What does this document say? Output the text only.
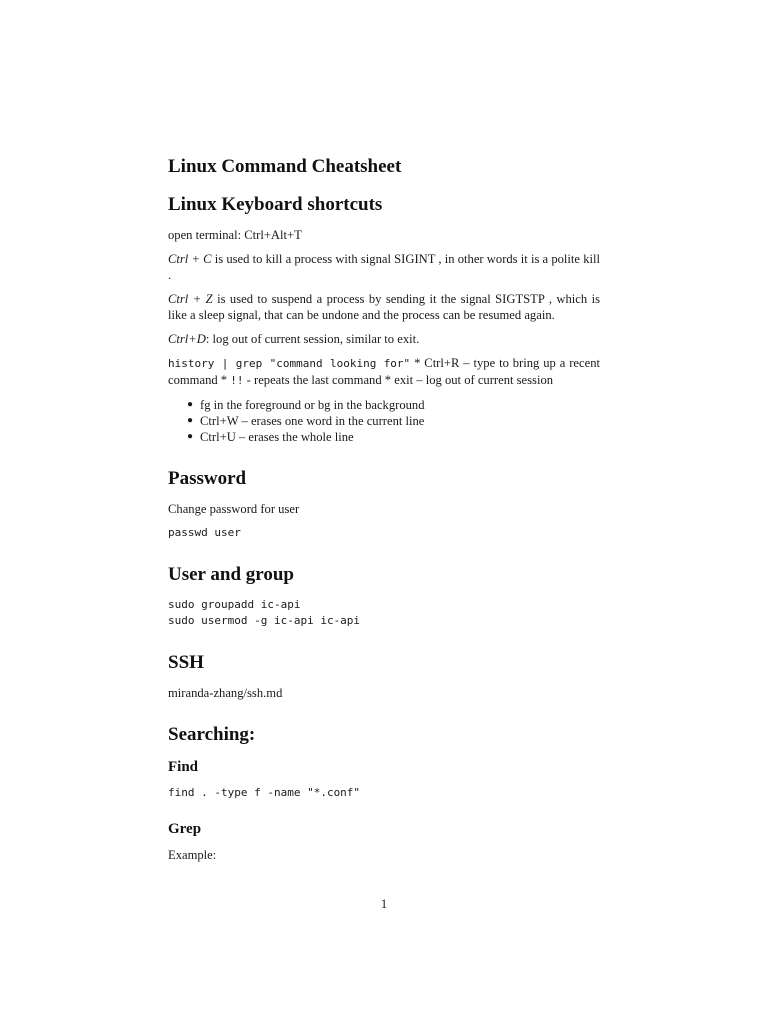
Linux Command Cheatsheet
Linux Keyboard shortcuts

open terminal: Ctrl+Alt+T

Ctrl + C is used to kill a process with signal SIGINT , in other words it is a polite kill .

Ctrl + Z is used to suspend a process by sending it the signal SIGTSTP , which is like a sleep signal, that can be undone and the process can be resumed again.

Ctrl+D: log out of current session, similar to exit.

history | grep "command looking for" * Ctrl+R – type to bring up a recent command * !! - repeats the last command * exit – log out of current session

● fg in the foreground or bg in the background
● Ctrl+W – erases one word in the current line
● Ctrl+U – erases the whole line
Password

Change password for user

passwd user
User and group
sudo groupadd ic-api
sudo usermod -g ic-api ic-api
SSH

miranda-zhang/ssh.md

Searching:
Find
find . -type f -name "*.conf"
Grep

Example:

1
